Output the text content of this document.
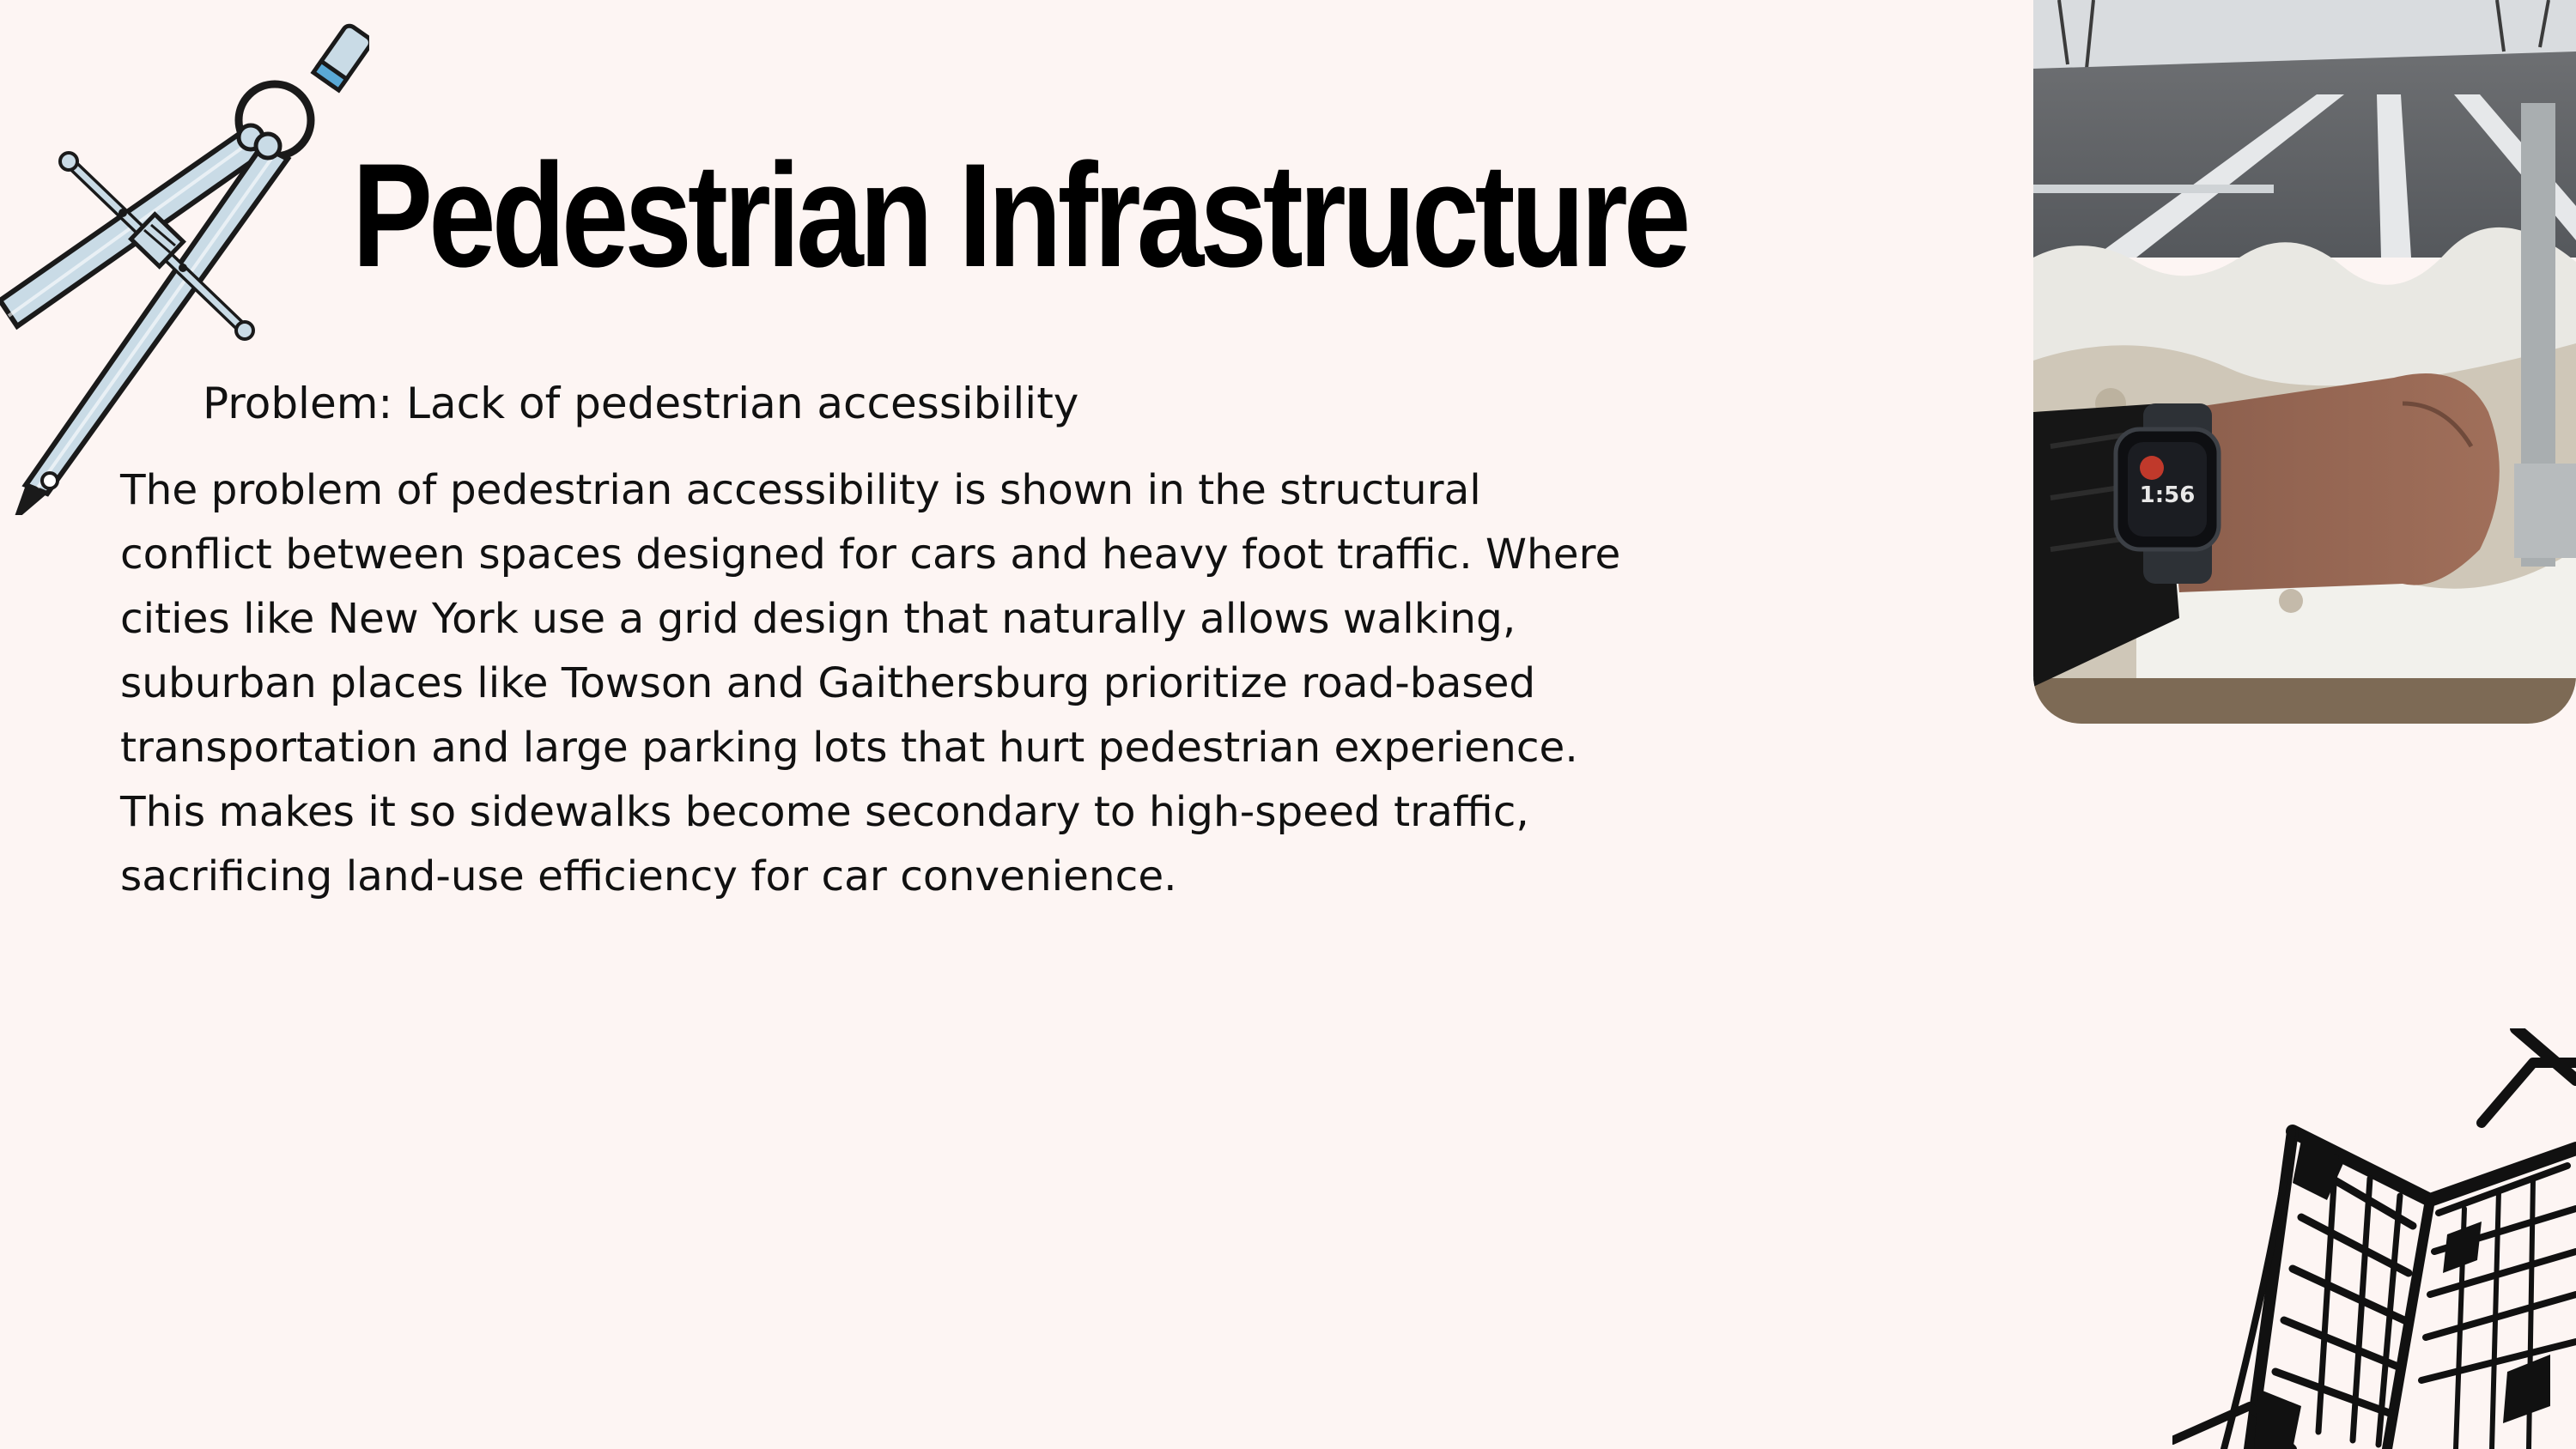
Pedestrian Infrastructure

Problem: Lack of pedestrian accessibility

The problem of pedestrian accessibility is shown in the structural conflict between spaces designed for cars and heavy foot traffic. Where cities like New York use a grid design that naturally allows walking, suburban places like Towson and Gaithersburg prioritize road-based transportation and large parking lots that hurt pedestrian experience. This makes it so sidewalks become secondary to high-speed traffic, sacrificing land-use efficiency for car convenience.

1:56
